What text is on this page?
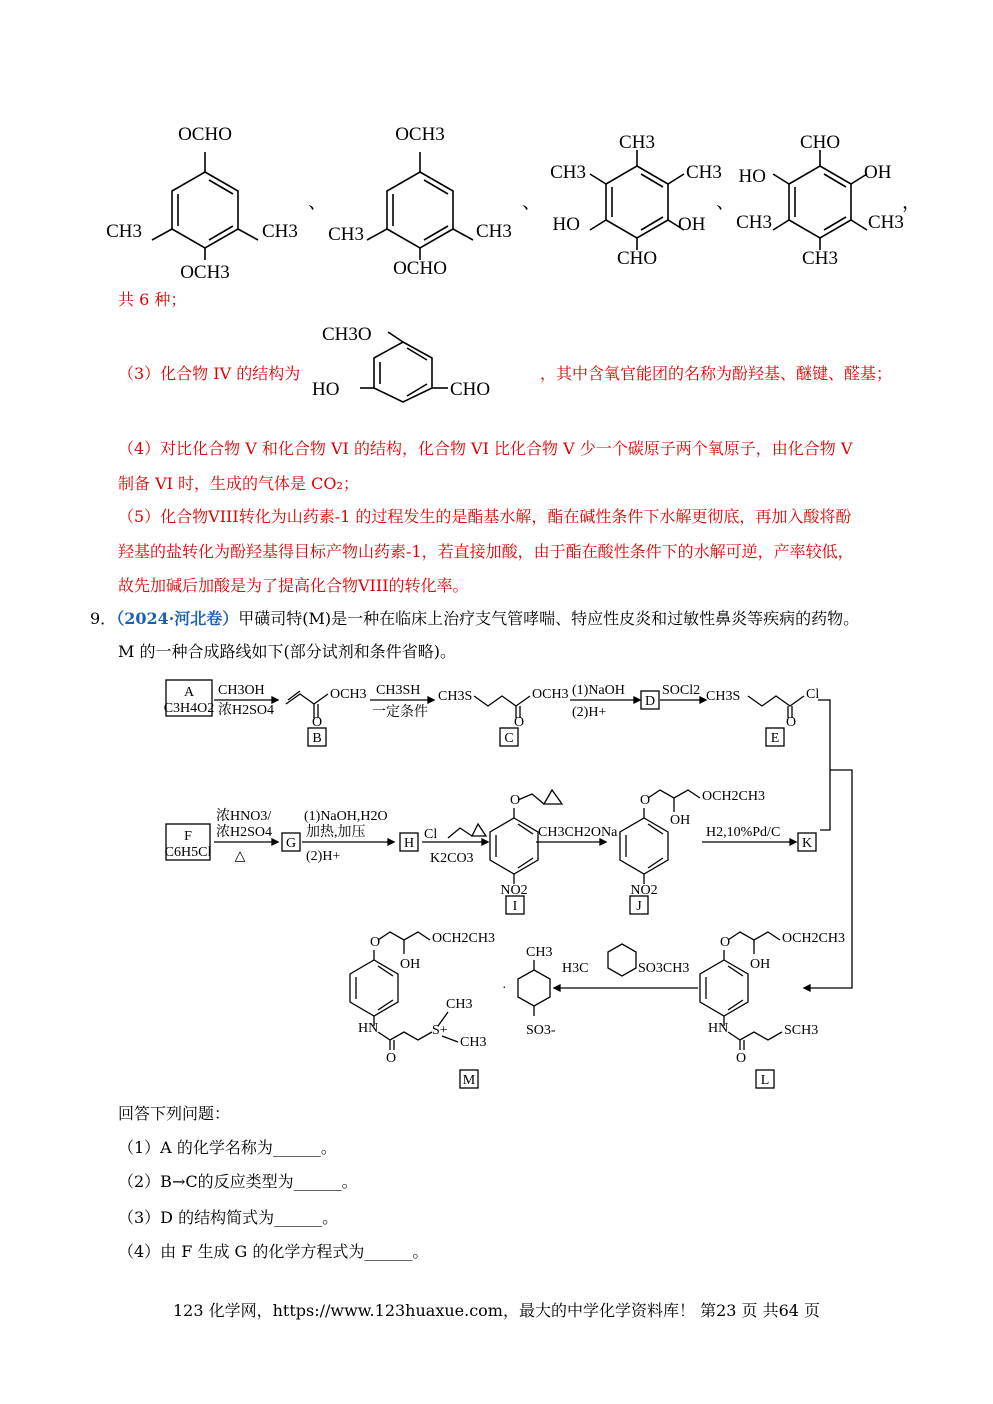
OCHO
CH3	CH3
OCH3
、
OCH3
CH3	CH3
OCHO
、
CH3
CH3	CH3
HO	OH
CHO
、
CHO
HO	OH
CH3	CH3
CH3
，
共 6 种；
（3）化合物 IV 的结构为
CH3O
HO	CHO
，其中含氧官能团的名称为酚羟基、醚键、醛基；
（4）对比化合物 V 和化合物 VI 的结构，化合物 VI 比化合物 V 少一个碳原子两个氧原子，由化合物 V
制备 VI 时，生成的气体是 CO₂；
（5）化合物VIII转化为山药素-1 的过程发生的是酯基水解，酯在碱性条件下水解更彻底，再加入酸将酚
羟基的盐转化为酚羟基得目标产物山药素-1，若直接加酸，由于酯在酸性条件下的水解可逆，产率较低，
故先加碱后加酸是为了提高化合物VIII的转化率。
9．（2024·河北卷）甲磺司特(M)是一种在临床上治疗支气管哮喘、特应性皮炎和过敏性鼻炎等疾病的药物。
M 的一种合成路线如下(部分试剂和条件省略)。
A
C3H4O2
CH3OH
浓H2SO4
OCH3
O
B
CH3SH
一定条件
CH3S	OCH3
O
C
(1)NaOH
(2)H+
D
SOCl2 CH3S	Cl
O
E
F
C6H5Cl
浓HNO3/
浓H2SO4
△
G
(1)NaOH,H2O
加热,加压
(2)H+
H
Cl
K2CO3
O
NO2
I
CH3CH2ONa
O
OH
OCH2CH3
NO2
J
H2,10%Pd/C
K
O
OH
OCH2CH3
HN
O
SCH3
L
H3C	SO3CH3
CH3
SO3-
·
O
OH
OCH2CH3
HN
O
S+
CH3
CH3
M
回答下列问题：
（1）A 的化学名称为______。
（2）B→C的反应类型为______。
（3）D 的结构简式为______。
（4）由 F 生成 G 的化学方程式为______。
123 化学网，https://www.123huaxue.com，最大的中学化学资料库！ 第23 页 共64 页
